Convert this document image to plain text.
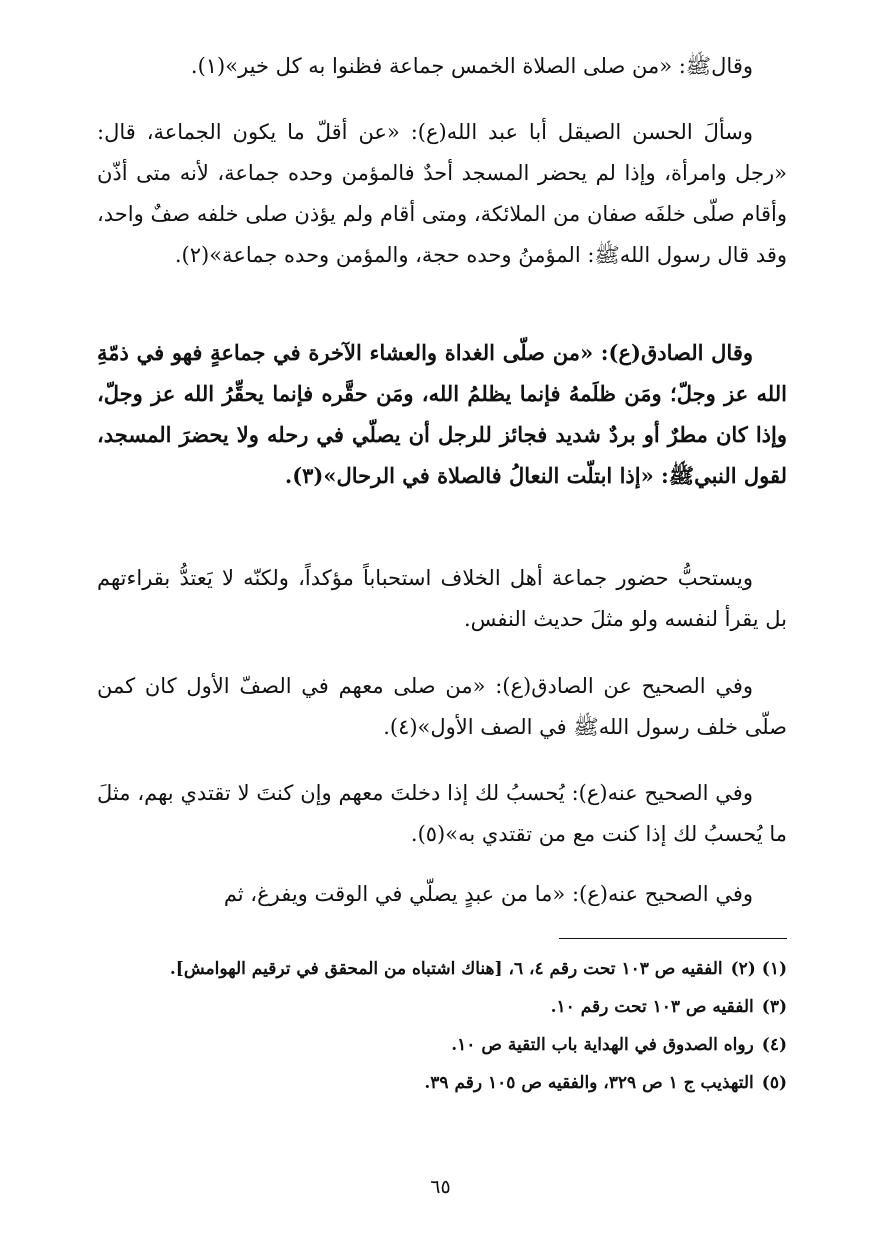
وقالﷺ: «من صلى الصلاة الخمس جماعة فظنوا به كل خير»(١).

وسألَ الحسن الصيقل أبا عبد الله(ع): «عن أقلّ ما يكون الجماعة، قال: «رجل وامرأة، وإذا لم يحضر المسجد أحدٌ فالمؤمن وحده جماعة، لأنه متى أذّن وأقام صلّى خلفَه صفان من الملائكة، ومتى أقام ولم يؤذن صلى خلفه صفٌ واحد، وقد قال رسول اللهﷺ: المؤمنُ وحده حجة، والمؤمن وحده جماعة»(٢).

وقال الصادق(ع): «من صلّى الغداة والعشاء الآخرة في جماعةٍ فهو في ذمّةِ الله عز وجلّ؛ ومَن ظلَمهُ فإنما يظلمُ الله، ومَن حقَّره فإنما يحقِّرُ الله عز وجلّ، وإذا كان مطرٌ أو بردٌ شديد فجائز للرجل أن يصلّي في رحله ولا يحضرَ المسجد، لقول النبيﷺ: «إذا ابتلّت النعالُ فالصلاة في الرحال»(٣).

ويستحبُّ حضور جماعة أهل الخلاف استحباباً مؤكداً، ولكنّه لا يَعتدُّ بقراءتهم بل يقرأ لنفسه ولو مثلَ حديث النفس.

وفي الصحيح عن الصادق(ع): «من صلى معهم في الصفّ الأول كان كمن صلّى خلف رسول اللهﷺ في الصف الأول»(٤).

وفي الصحيح عنه(ع): يُحسبُ لك إذا دخلتَ معهم وإن كنتَ لا تقتدي بهم، مثلَ ما يُحسبُ لك إذا كنت مع من تقتدي به»(٥).

وفي الصحيح عنه(ع): «ما من عبدٍ يصلّي في الوقت ويفرغ، ثم

(١) (٢)
الفقيه ص ١٠٣ تحت رقم ٤، ٦، [هناك اشتباه من المحقق في ترقيم الهوامش].
(٣)
الفقيه ص ١٠٣ تحت رقم ١٠.
(٤)
رواه الصدوق في الهداية باب التقية ص ١٠.
(٥)
التهذيب ج ١ ص ٣٢٩، والفقيه ص ١٠٥ رقم ٣٩.
٦٥
